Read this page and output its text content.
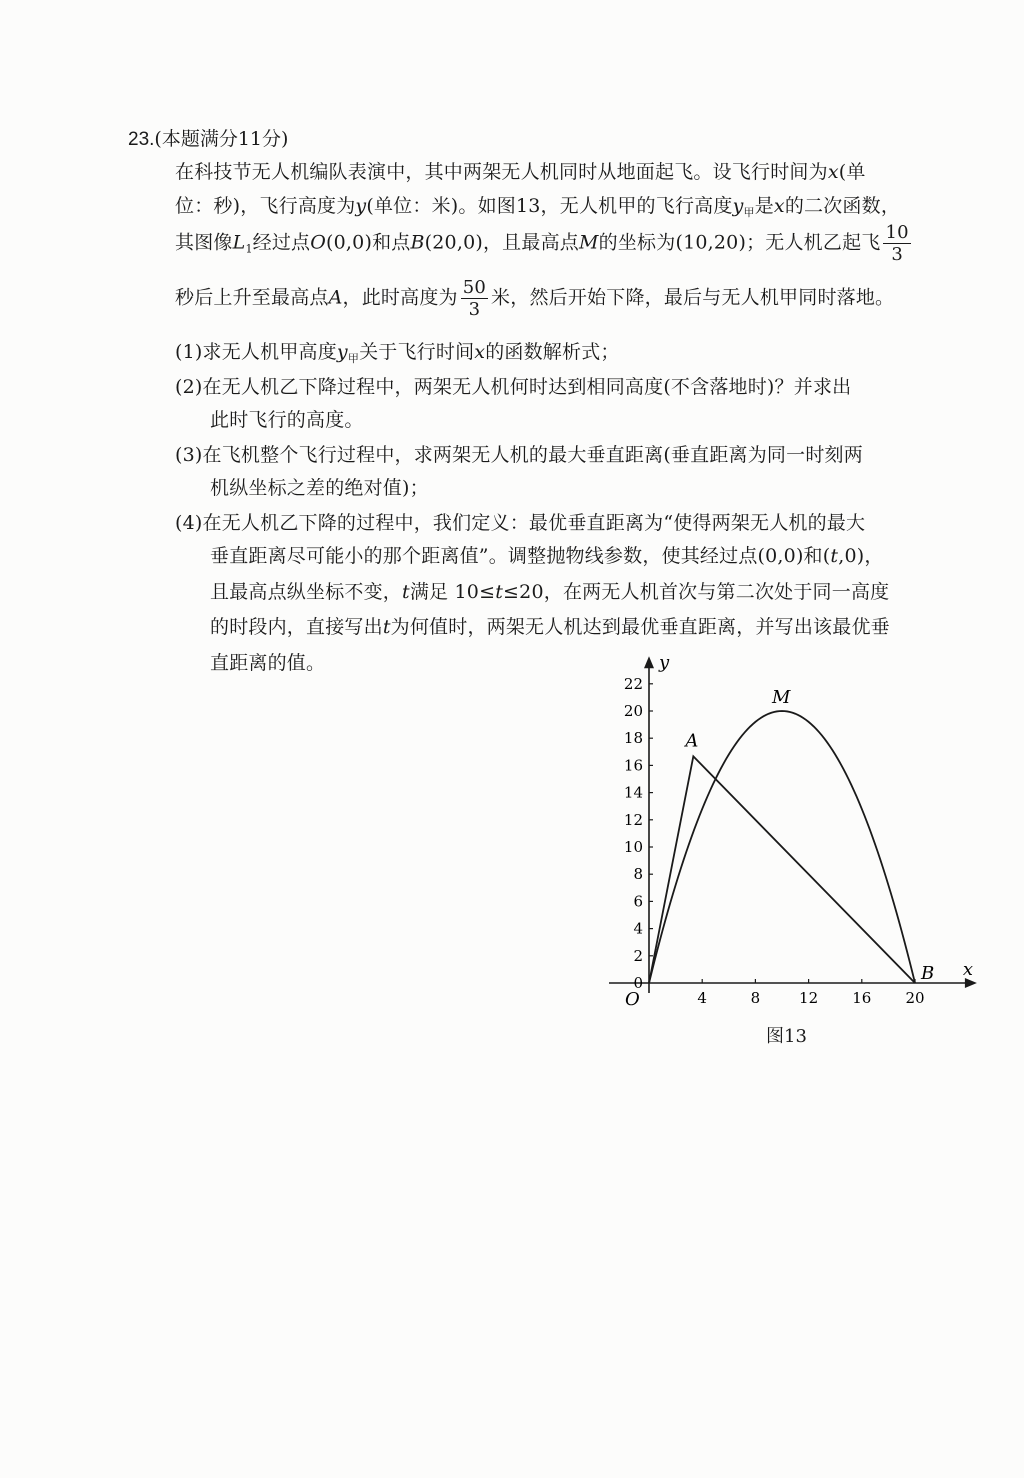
23.(本题满分11分)
在科技节无人机编队表演中，其中两架无人机同时从地面起飞。设飞行时间为x(单
位：秒)，飞行高度为y(单位：米)。如图13，无人机甲的飞行高度$y_甲$是x的二次函数，
其图像$L_1$经过点O(0,0)和点B(20,0)，且最高点M的坐标为(10,20)；无人机乙起飞 $\frac{10}{3}$
秒后上升至最高点A，此时高度为 $\frac{50}{3}$ 米，然后开始下降，最后与无人机甲同时落地。
(1)求无人机甲高度$y_甲$关于飞行时间x的函数解析式；
(2)在无人机乙下降过程中，两架无人机何时达到相同高度(不含落地时)？并求出
此时飞行的高度。
(3)在飞机整个飞行过程中，求两架无人机的最大垂直距离(垂直距离为同一时刻两
机纵坐标之差的绝对值)；
(4)在无人机乙下降的过程中，我们定义：最优垂直距离为“使得两架无人机的最大
垂直距离尽可能小的那个距离值”。调整抛物线参数，使其经过点(0,0)和(t,0)，
且最高点纵坐标不变，t满足 10≤t≤20，在两无人机首次与第二次处于同一高度
的时段内，直接写出t为何值时，两架无人机达到最优垂直距离，并写出该最优垂
直距离的值。
x
y
O	4	8	12 16 20
0
2
4
6
8
10
12
14
16
18
20
22
A
M
B
图13
